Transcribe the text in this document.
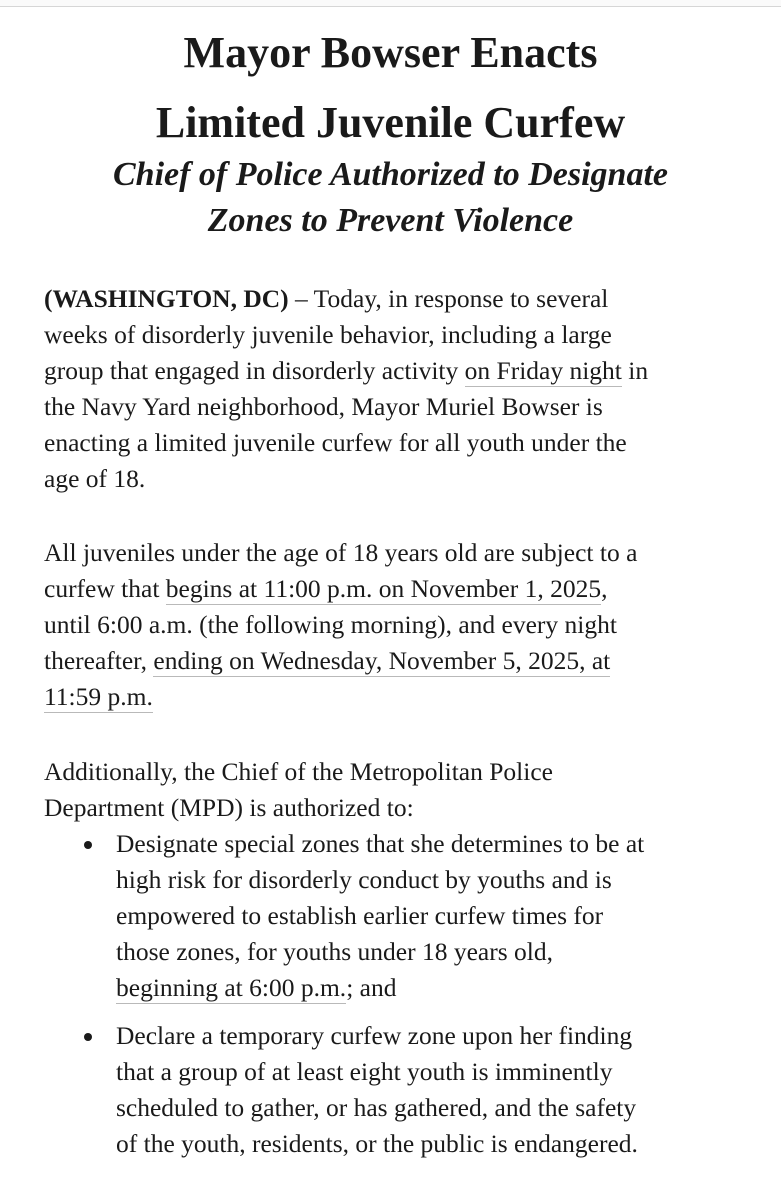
Mayor Bowser Enacts
Limited Juvenile Curfew
Chief of Police Authorized to Designate
Zones to Prevent Violence
(WASHINGTON, DC) – Today, in response to several
weeks of disorderly juvenile behavior, including a large
group that engaged in disorderly activity on Friday night in
the Navy Yard neighborhood, Mayor Muriel Bowser is
enacting a limited juvenile curfew for all youth under the
age of 18.
All juveniles under the age of 18 years old are subject to a
curfew that begins at 11:00 p.m. on November 1, 2025,
until 6:00 a.m. (the following morning), and every night
thereafter, ending on Wednesday, November 5, 2025, at
11:59 p.m.
Additionally, the Chief of the Metropolitan Police
Department (MPD) is authorized to:
Designate special zones that she determines to be at
high risk for disorderly conduct by youths and is
empowered to establish earlier curfew times for
those zones, for youths under 18 years old,
beginning at 6:00 p.m.; and
Declare a temporary curfew zone upon her finding
that a group of at least eight youth is imminently
scheduled to gather, or has gathered, and the safety
of the youth, residents, or the public is endangered.
